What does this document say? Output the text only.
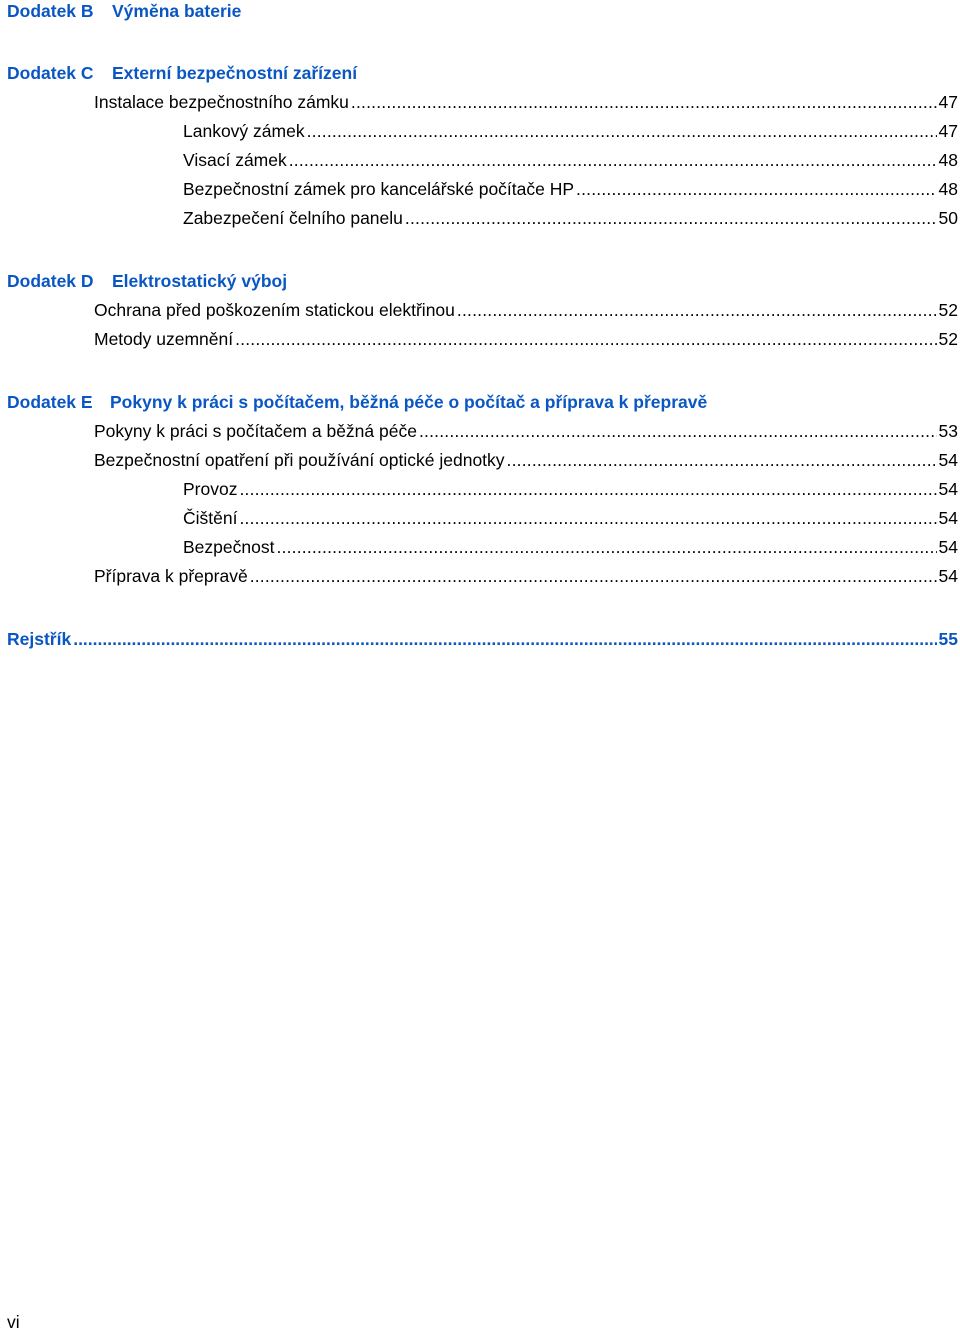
Dodatek B Výměna baterie
Dodatek C Externí bezpečnostní zařízení
Instalace bezpečnostního zámku .....	47
Lankový zámek .....	47
Visací zámek .....	48
Bezpečnostní zámek pro kancelářské počítače HP .....	48
Zabezpečení čelního panelu .....	50
Dodatek D Elektrostatický výboj
Ochrana před poškozením statickou elektřinou .....	52
Metody uzemnění .....	52
Dodatek E Pokyny k práci s počítačem, běžná péče o počítač a příprava k přepravě
Pokyny k práci s počítačem a běžná péče .....	53
Bezpečnostní opatření při používání optické jednotky .....	54
Provoz .....	54
Čištění .....	54
Bezpečnost .....	54
Příprava k přepravě .....	54
Rejstřík .....	55
vi
